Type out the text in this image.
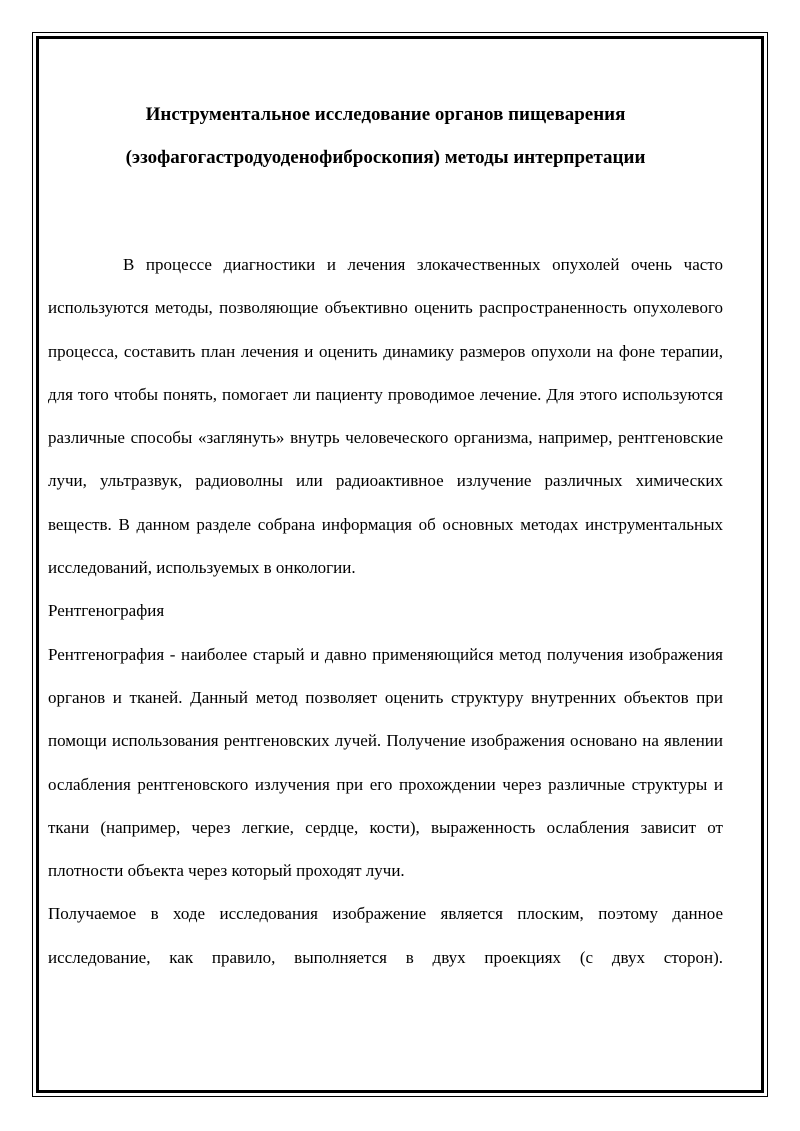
Инструментальное исследование органов пищеварения
(эзофагогастродуоденофиброскопия) методы интерпретации

В процессе диагностики и лечения злокачественных опухолей очень часто используются методы, позволяющие объективно оценить распространенность опухолевого процесса, составить план лечения и оценить динамику размеров опухоли на фоне терапии, для того чтобы понять, помогает ли пациенту проводимое лечение. Для этого используются различные способы «заглянуть» внутрь человеческого организма, например, рентгеновские лучи, ультразвук, радиоволны или радиоактивное излучение различных химических веществ. В данном разделе собрана информация об основных методах инструментальных исследований, используемых в онкологии.

Рентгенография

Рентгенография - наиболее старый и давно применяющийся метод получения изображения органов и тканей. Данный метод позволяет оценить структуру внутренних объектов при помощи использования рентгеновских лучей. Получение изображения основано на явлении ослабления рентгеновского излучения при его прохождении через различные структуры и ткани (например, через легкие, сердце, кости), выраженность ослабления зависит от плотности объекта через который проходят лучи.

Получаемое в ходе исследования изображение является плоским, поэтому данное исследование, как правило, выполняется в двух проекциях (с двух сторон).
